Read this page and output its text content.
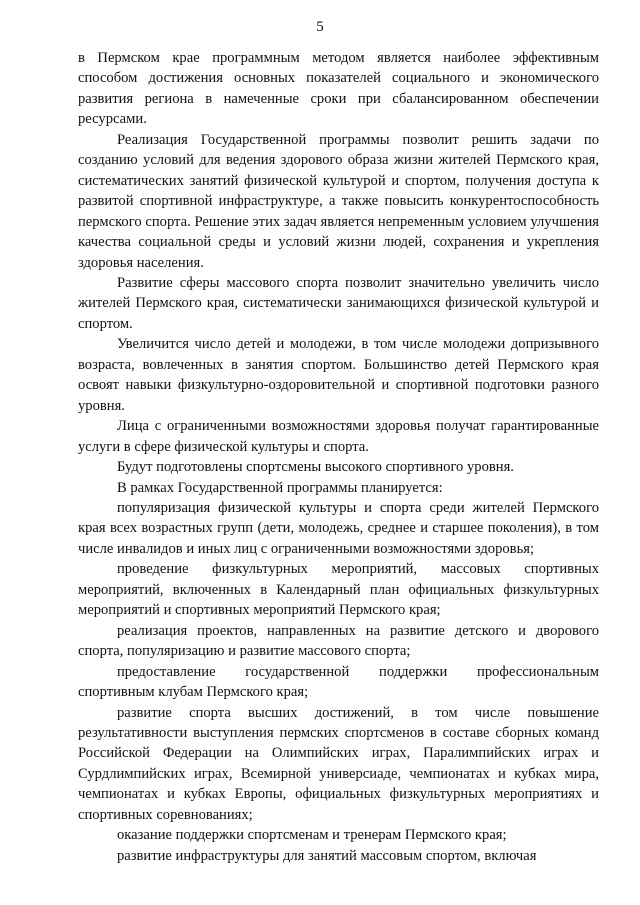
5

в Пермском крае программным методом является наиболее эффективным способом достижения основных показателей социального и экономического развития региона в намеченные сроки при сбалансированном обеспечении ресурсами.

Реализация Государственной программы позволит решить задачи по созданию условий для ведения здорового образа жизни жителей Пермского края, систематических занятий физической культурой и спортом, получения доступа к развитой спортивной инфраструктуре, а также повысить конкурентоспособность пермского спорта. Решение этих задач является непременным условием улучшения качества социальной среды и условий жизни людей, сохранения и укрепления здоровья населения.

Развитие сферы массового спорта позволит значительно увеличить число жителей Пермского края, систематически занимающихся физической культурой и спортом.

Увеличится число детей и молодежи, в том числе молодежи допризывного возраста, вовлеченных в занятия спортом. Большинство детей Пермского края освоят навыки физкультурно-оздоровительной и спортивной подготовки разного уровня.

Лица с ограниченными возможностями здоровья получат гарантированные услуги в сфере физической культуры и спорта.

Будут подготовлены спортсмены высокого спортивного уровня.

В рамках Государственной программы планируется:

популяризация физической культуры и спорта среди жителей Пермского края всех возрастных групп (дети, молодежь, среднее и старшее поколения), в том числе инвалидов и иных лиц с ограниченными возможностями здоровья;

проведение физкультурных мероприятий, массовых спортивных мероприятий, включенных в Календарный план официальных физкультурных мероприятий и спортивных мероприятий Пермского края;

реализация проектов, направленных на развитие детского и дворового спорта, популяризацию и развитие массового спорта;

предоставление государственной поддержки профессиональным спортивным клубам Пермского края;

развитие спорта высших достижений, в том числе повышение результативности выступления пермских спортсменов в составе сборных команд Российской Федерации на Олимпийских играх, Паралимпийских играх и Сурдлимпийских играх, Всемирной универсиаде, чемпионатах и кубках мира, чемпионатах и кубках Европы, официальных физкультурных мероприятиях и спортивных соревнованиях;

оказание поддержки спортсменам и тренерам Пермского края;

развитие инфраструктуры для занятий массовым спортом, включая
